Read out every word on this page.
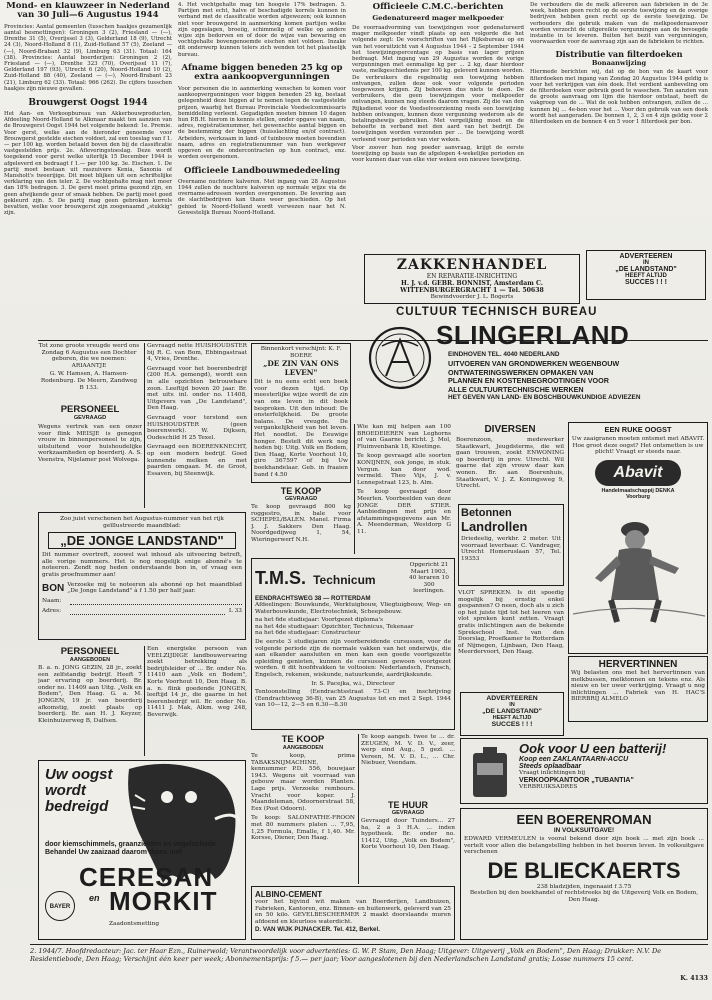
Mond- en klauwzeer in Nederland van 30 Juli—6 Augustus 1944

Provincies: Aantal gemeenten (tusschen haakjes gezamenlijk aantal besmettingen): Groningen 3 (2), Friesland — (—), Drenthe 31 (5), Overijssel 3 (3), Gelderland 18 (9), Utrecht 24 (3), Noord-Holland 8 (1), Zuid-Holland 57 (5), Zeeland — (—), Noord-Brabant 32 (9), Limburg 63 (31). Totaal: 164 (38). Provincies: Aantal boerderijen: Groningen 2 (2), Friesland — (—), Drenthe 323 (70), Overijssel 11 (7), Gelderland 197 (93), Utrecht 6 (20), Noord-Holland 10 (2), Zuid-Holland 88 (40), Zeeland — (—), Noord-Brabant 23 (21), Limburg 62 (33). Totaal: 966 (262). De cijfers tusschen haakjes zijn nieuwe gevallen.

Brouwgerst Oogst 1944

Het Aan- en Verkoopbureau van Akkerbouwproducten, Afdeeling Noord-Holland te Alkmaar maakt ten aanzien van de Brouwgerst Oogst 1944 het volgende bekend: 1e. Premie. Voor gerst, welke aan de hieronder genoemde voor Brouwgerst gestelde eischen voldoet, zal een toeslag van f 1.— per 100 kg. worden betaald boven den bij de classificatie vastgestelden prijs. 2e. Afleveringstoeslag. Deze wordt toegekend voor gerst welke uiterlijk 15 December 1944 is afgeleverd en bedraagt f 1.— per 100 kg. 3e. Eischen. 1. De partij moet bestaan uit raszuivere Kenia, Saxonia of Mansholt's tweerijige. Dit moet blijken uit een schriftelijke verklaring van den teler. 2. De vochtgehalte mag niet meer dan 18% bedragen. 3. De gerst moet prima gezond zijn, en geen afwijkende geur of smaak hebben. De partij moet goed gekleurd zijn. 5. De partij mag geen gebroken korrels bevatten, welke voor brouwgerst zijn zoogenaamd „stukkig" zijn.

4. Het vochtgehalte mag ten hoogste 17% bedragen. 5. Partijen met echt, halve of beschadigde korrels kunnen in verband met de classificatie worden afgewezen; ook kunnen niet voor brouwgerst in aanmerking komen partijen welke zijn opgeslagen, broeiig, schimmelig of welke op andere wijze zijn bedorven en of door de wijze van bewaring en vochtgehalte bovengenoemde eischen niet voldoen. Inzake dit onderwerp kunnen telers zich wenden tot het plaatselijk bureau.

Afname biggen beneden 25 kg op extra aankoopvergunningen

Voor personen die in aanmerking wenschen te komen voor aankoopvergunningen voor biggen beneden 25 kg, bestaat gelegenheid deze biggen af te nemen tegen de vastgestelde prijzen, waarbij het Bureau Provinciale Voedselcommissaris bemiddeling verleent. Gegadigden moeten binnen 10 dagen hun P.B.H. hierom in kennis stellen, onder opgave van naam, adres, registratienummer, het gewenschte aantal biggen en de bestemming der biggen (huisslachting en/of contract). Arbeiders, werkzaam in land- of tuinbouw moeten bovendien naam, adres en registratienummer van hun werkgever opgeven en de ondercontracten op hun contract, enz. worden overgenomen.

Officieele Landbouwmededeeling

Overname nuchtere kalveren. Met ingang van 28 Augustus 1944 zullen de nuchtere kalveren op normale wijze via de overname-adressen worden overgenomen. De levering aan de slachtbedrijven kan thans weer geschieden. Op het gebied te Noord-Holland wordt verwezen naar het N. Gewestelijk Bureau Noord-Holland.

Officieele C.M.C.-berichten

Gedenatureerd mager melkpoeder

De voorraadvorming van toewijzingen voor gedenatureerd mager melkpoeder vindt plaats op een volgorde die het volgende zegt: De voorschriften van het Rijksbureau op en van het vooruitzicht van 4 Augustus 1944 – 2 September 1944 het toewijzingspercentage op basis van lager prijzen bedraagt. Met ingang van 29 Augustus worden de vorige vergunningen met eenmalige kg per ... 2 kg, daar hierdoor vaste, melkgeschiedenis per 100 kg. geleverd kunnen worden. De verbruikers die regelmatig een toewijzing hebben ontvangen, zullen deze ook voor volgende perioden toegewezen krijgen. Zij behoeven dus niets te doen. De verbruikers, die geen toewijzingen voor melkpoeder ontvangen, kunnen nog steeds daarom vragen. Zij die van den Rijksdienst voor de Voedselvoorziening reeds een toewijzing hebben ontvangen, kunnen deze vergunning wederom als de betalingsbewijs gebruiken. Met vergelijking moet en de behoefte in verband met den aard van het bedrijf. De toewijzingen worden verzonden per ... De toewijzing wordt verleend voor perioden van vier weken.

Voor zoover hun nog poeder aanvraag, krijgt de eerste toewijzing op basis van de afgelopen 4-wekelijke perioden en voor kunnen daar van elke vier weken een nieuwe toewijzing.

De verbouders die de melk afleveren aan fabrieken in de 3e week, hebben geen recht op de eerste toewijzing en de overige bedrijven hebben geen recht op de eerste toewijzing. De verbouders die gebruik maken van de melkpoederaanvoer worden verzocht de uitgereikte vergunningen aan de bevoegde instantie in te leveren. Buiten het bezit van vergunningen, voorwaarden voor de aanvraag zijn aan de fabrieken te richten.

Distributie van filterdoeken

Bonaanwijzing

Hiermede berichten wij, dat op de bon van de kaart voor filterdoeken met ingang van Zondag 20 Augustus 1944 geldig is voor het verkrijgen van één doek. Het verdient aanbeveling om de filterdoeken voor gebruik goed te wasschen. Ten aanzien van de groote aanvraag om lijm die hierdoor ontstaat, heeft de vakgroep van de ... Wat de ook hebben ontvangen, zullen de ... kunnen bij ... 4e-bon voor het ... Voor den gebruik van een doek wordt het aangeraden. De bonnen 1, 2, 3 en 4 zijn geldig voor 2 filterdoeken en de bonnen 4 en 5 voor 1 filterdoek per bon.

ADVERTEEREN

IN

„DE LANDSTAND"

HEEFT ALTIJD

SUCCES ! ! !

ZAKKENHANDEL

EN REPARATIE-INRICHTING

H. J. v.d. GEBR. BONNIST, Amsterdam C.

WITTENBURGERGRACHT 1 — Tel. 50638

Bewindvoerder J. L. Bogerts

Tot zone groote vreugde werd ons Zondag 6 Augustus een Dochter geboren, die we noemen: ARIAANTJE

G. W. Hamsen, A. Hamsen-Rodenburg. De Meern, Zandweg B 133.

PERSONEEL

GEVRAAGD

Wegens vertrek van een onzer voor flink MEISJE is genegen vrouw in binnenpersoneel te zijn, uitsluitend voor huishoudelijke werkzaamheden op boerderij. A. S. Veenstra, Nijelamer post Wolvega.

Gevraagd nette HUISHOUDSTER bij R. C. van Bom, Ebbingastraat 4, Vries, Drenthe.

Gevraagd voor het boerenbedrijf (200 H.A. gemengd), wordt een in alle opzichten betrouwbare zoon. Leeftijd boven 20 jaar. Br. met uitv. inl. onder no. 11408, Uitgevers van „De Landstand", Den Haag.

Gevraagd voor terstond een HUISHOUDSTER (geen boerenwerk). W. Dijksen, Oudeschild H 25 Texel.

Gevraagd een BOERENKNECHT, op een modern bedrijf. Goed kunnende melken en met paarden omgaan. M. de Groot, Essaven, bij Steenwijk.

Binnenkort verschijnt: K. F. BOERE

„DE ZIN VAN ONS LEVEN"

Dit is nu eens echt een boek voor dezen tijd. Op meesterlijke wijze wordt de zin van ons leven in dit boek besproken. Uit den inhoud: De onsterfelijkheid. De groote balans. De vreugde. De vergankelijkheid van het leven. Het noodlot. De Eeuwige honger. Bestelt dit werk nog heden bij: Uitg. Volk en Bodem, Den Haag, Korte Voorhout 10, giro 367597 of bij Uw boekhandelaar. Geb. in fraaien band f 4.50

Zoo juist verschenen het Augustus-nummer van het rijk geïllustreerde maandblad:

„DE JONGE LANDSTAND"

Dit nummer overtreft, zoowel wat inhoud als uitvoering betreft, alle vorige nummers. Het is nog mogelijk enige abonné's te noteeren. Zendt nog heden onderstaande bon in, of vraag een gratis proefnummer aan!

BON Verzoeke mij te noteeren als abonné op het maandblad „De Jonge Landstand" à f 1.50 per half jaar.
Naam:
Adres:	L 33

TE KOOP

GEVRAAGD

Te koop gevraagd 800 kg roggestro, in bale voor SCHEPEL/BALEN. Manel. Firma J. J. Sakkers Den Haag. Noordgedijweg 1, 54, Wieringerwerf N.H.

Wie kan mij helpen aan 100 BROEDEIEREN van Leghorns of van Gaarne bericht. J. Mol, Fluimvenbank 18, Kloetinge.

Te koop gevraagd alle soorten KONIJNEN, ook jonge, in stuk. Vergun. kan door wod. vermeld. Theo Vijs, J. v. Lennepstraat 123, b. Alm.

Te koop gevraagd door Meerlen. Voorbeelden van deze JONGE DER STIER. Aanbiedingen met prijs en afstammingsgegevens aan Mr. A. Meenderman, Westdorp G 11.

CULTUUR TECHNISCH BUREAU
SLINGERLAND
EINDHOVEN TEL. 4040 NEDERLAND

UITVOEREN VAN GRONDWERKEN WEGENBOUW

ONTWATERINGSWERKEN OPMAKEN VAN

PLANNEN EN KOSTENBEGROOTINGEN VOOR

ALLE CULTUURTECHNISCHE WERKEN

HET GEVEN VAN LAND- EN BOSCHBOUWKUNDIGE ADVIEZEN

DIVERSEN

Boerenzoon, medewerker Staatkwart, Jeugdsterms, die wil gaan trouwen, zoekt ENWONING op boerderij in prov. Utrecht. Wil gaarne dat zijn vrouw daar kan wonen. Br. aan Boerenhuis, Staatkwart, V. J. Z. Koningsweg 9, Utrecht.

Betonnen

Landrollen

Driedeelig, werkbr. 2 meter. Uit voorraad leverbaar. C. Vandrager, Utrecht Homeruslaan 57, Tel. 19353

EEN RUKE OOGST

Uw zaaigranen moeten ontsmet met ABAVIT. Hoe groot deze oogst? Het ontsmetten is uw plicht! Vraagt er steeds naar.

Abavit

Handelmaatschappij DENKA

Voorburg

T.M.S. Technicum

Opgericht 21 Maart 1903, 40 leraren 10 300 leerlingen.

EENDRACHTSWEG 38 — ROTTERDAM

Afdeelingen: Bouwkunde, Werktuigbouw, Vliegtuigbouw, Weg- en Waterbouwkunde, Electrotechniek, Scheepsbouw.

na het 6de studiejaar: Voortgezet diploma's

na het 4de studiejaar: Opzichter, Technicus, Tekenaar

na het 6de studiejaar: Constructeur

De eerste 3 studiejaren zijn voorbereidende cursussen, voor de volgende periode zijn de normale vakken van het onderwijs, die aan elkander aansluiten en men kan een goede voortgezette opleiding genieten, kunnen de cursussen gewoon voortgezet worden. 6 dit hoofdvakken te voltooien: Nederlandsch, Fransch, Engelsch, rekenen, wiskunde, natuurkunde, aardrijkskunde.

Ir. S. Pacejka, w.i., Directeur

Tentoonstelling (Eendrachtsstraat 73-C) en inschrijving (Eendrachtsweg 36-B), van 25 Augustus tot en met 2 Sept. 1944 van 10—12, 2—5 en 6.30—8.30

VLOT SPREKEN. Is dit spoedig mogelijk bij ernstig enkel gespannen? O neen, doch als u zich op het juiste tijd tot het leeren van vlot spreken kunt zetten. Vraagt gratis inlichtingen aan de bekende Sprekschool Inst. van den Doorslag, Proefkamer te Rotterdam of Nijmegen, Lijnbaan, Den Haag, Meerdervoort, Den Haag.

HERVERTINNEN

Wij belasten ons met het hervertinnen van melkbussen, melktonnen en tekens enz. Als nieuw en ter uwer verkrijging. Vraagt u nog inlichtingen ... Fabriek van H. HAC'S BIERBRIJ ALMELO

ADVERTEEREN

IN

„DE LANDSTAND"

HEEFT ALTIJD

SUCCES ! ! !

PERSONEEL

AANGEBODEN

B. a. n. JONG GEZIN, 28 jr., zoekt een zelfstandig bedrijf. Heeft 7 jaar ervaring op boerderij. Br. onder no. 11409 aan Uitg. „Volk en Bodem", Den Haag. G. a. M. JONGEN, 19 jr. van boerderij afkomstig, zoekt plaats op boerderij. Br. aan H. J. Keyzer, Kleinhuizerweg B, Dalfsen.

Een energieke persoon van VEELZIJDIGE landbouwervaring zoekt betrekking als bedrijfsleider of ... Br. onder No. 11410 aan „Volk en Bodem", Korte Voorhout 10, Den Haag. B. a. n. flink goedende JONGEN, leeftijd 14 jr., die gaarne in het boerenbedrijf wil. Br. onder No. 11411 J. Mak, Alkm. weg 248, Beverwijk.

TE KOOP

AANGEBODEN

Te koop, prima TABAKSNIJMACHINE, kennummer P.D. 556, bouwjaar 1943. Wegens uit voorraad van gebouw maar worden Planten. Lage prijs. Verzoeke rembours. Vracht voor koper. J. Maandeleman, Odoornerstraat 58, Eex (Post Odoorn).

Te koop: SALONFATHE-FROON met 80 nummers platen ... 7,95, 1,25 Formula, Emalle, f 1,40. Mr. Korsse, Diener, Den Haag.

Te koop aangeb. twee te ... dr. ZEUGEN, M. V. D. V., zeer, werp eind Aug., 5 gezl. ... Vereen, M. V. D. L., ... Chr. Niebuer, Veendam.

TE HUUR

GEVRAAGD

Gevraagd door Tuinders... 27 ha, 2 a 3 H.A. ... inden hypotheek. Br. onder no. 11412, Uitg. „Volk en Bodem", Korte Voorhout 10, Den Haag.

ALBINO-CEMENT

voor het bijvind wit maken van Boerderijen, Landbuizen, Fabrieken, Kantoren, enz. Binnen- en buitenwerk, geleverd van 25 en 50 kilo. GEVELBESCHERMER 2 maakt doorslaande muren afdoend en kleurloos waterdicht.

D. VAN WIJK PIJNACKER. Tel. 412, Berkel.

Ook voor U een batterij!

Koop een ZAKLANTAARN-ACCU

Steeds oplaadbaar

Vraagt inlichtingen bij

VERKOOPKANTOOR „TUBANTIA"

VERBRUIKSADRES

EEN BOERENROMAN

IN VOLKSUITGAVE!

EDWARD VERMEULEN is vooral bekend door zijn boek ... met zijn boek ... vertelt voor allen die belangstelling hebben in het boeren leven. In volksuitgave verschenen

DE BLIECKAERTS

238 bladzijden, ingenaaid f 3.75

Bestellen bij den boekhandel of rechtstreeks bij de Uitgeverij Volk en Bodem, Den Haag.

Uw oogst wordt bedreigd

door kiemschimmels, graanziekten en vogelschade

Behandel Uw zaaizaad daarom thans met

CERESAN
en MORKIT
BAYER
Zaadontsmetting
2. 1944/7. Hoofdredacteur: Jac. ter Haar Ezn., Ruinerwold; Verantwoordelijk voor advertenties: G. W. P. Stam, Den Haag; Uitgever: Uitgeverij „Volk en Bodem", Den Haag; Drukker: N.V. De Residentiebode, Den Haag; Verschijnt één keer per week; Abonnementsprijs: f 5.— per jaar; Voor aangeslotenen bij den Nederlandschen Landstand gratis; Losse nummers 15 cent.
K. 4133
